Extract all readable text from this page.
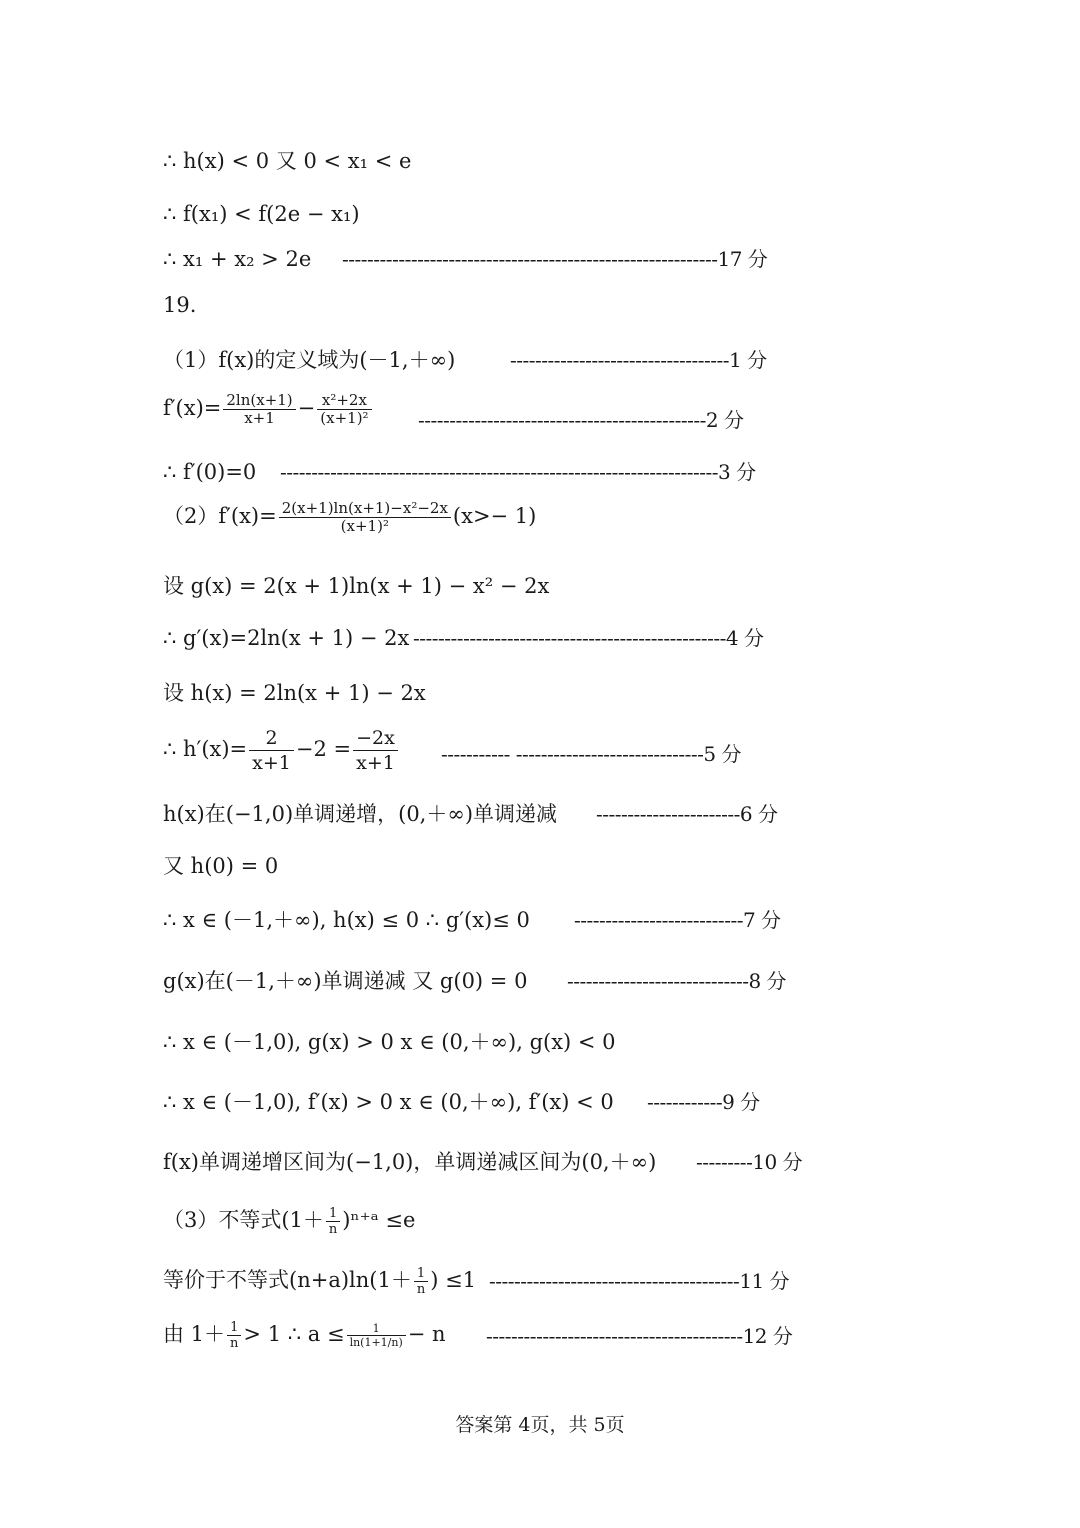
∴ h(x) < 0 又 0 < x₁ < e
∴ f(x₁) < f(2e − x₁)
∴ x₁ + x₂ > 2e ------------------------------------------------------------17 分
19.
（1）f(x)的定义域为(－1,＋∞)	-----------------------------------1 分
$f'(x)= \frac{2\ln(x+1)}{x+1} - \frac{\text{x²+2x}}{\text{(x+1)²}} ----------------------------------------------2$ 分
∴ f′(0)=0 ----------------------------------------------------------------------3 分
$(2)f'(x)= \frac{\text{2(x+1)ln(x+1)−x²−2x}}{\text{(x+1)²}} (x>- 1)$
设 g(x) = 2(x + 1)ln(x + 1) − x² − 2x
∴ g′(x)=2ln(x + 1) − 2x --------------------------------------------------4 分
设 h(x) = 2ln(x + 1) − 2x
∴ $h'(x)= \frac{2}{x+1} -2 = \frac{-2x}{x+1}$ ----------- ------------------------------5 分
h(x)在(−1,0)单调递增，(0,＋∞)单调递减 -----------------------6 分
又 h(0) = 0
∴ x ∈ (－1,＋∞), h(x) ≤ 0 ∴ g′(x)≤ 0 ---------------------------7 分
g(x)在(－1,＋∞)单调递减 又 g(0) = 0 -----------------------------8 分
∴ x ∈ (－1,0), g(x) > 0 x ∈ (0,＋∞), g(x) < 0
∴ x ∈ (－1,0), f′(x) > 0 x ∈ (0,＋∞), f′(x) < 0 ------------9 分
f(x)单调递增区间为(−1,0)，单调递减区间为(0,＋∞) ---------10 分
（3）不等式($1+ \frac{1}{n}$ )ⁿ⁺ᵃ ≤e
等价于不等式$(n+a)\ln(1+ \frac{1}{n}$ ) ≤1 ----------------------------------------11 分
由 $1+ \frac{1}{n} > 1$ ∴ $a \le \frac{1}{\ln(1+1/n)} - n$ -----------------------------------------12 分
答案第 4页，共 5页
